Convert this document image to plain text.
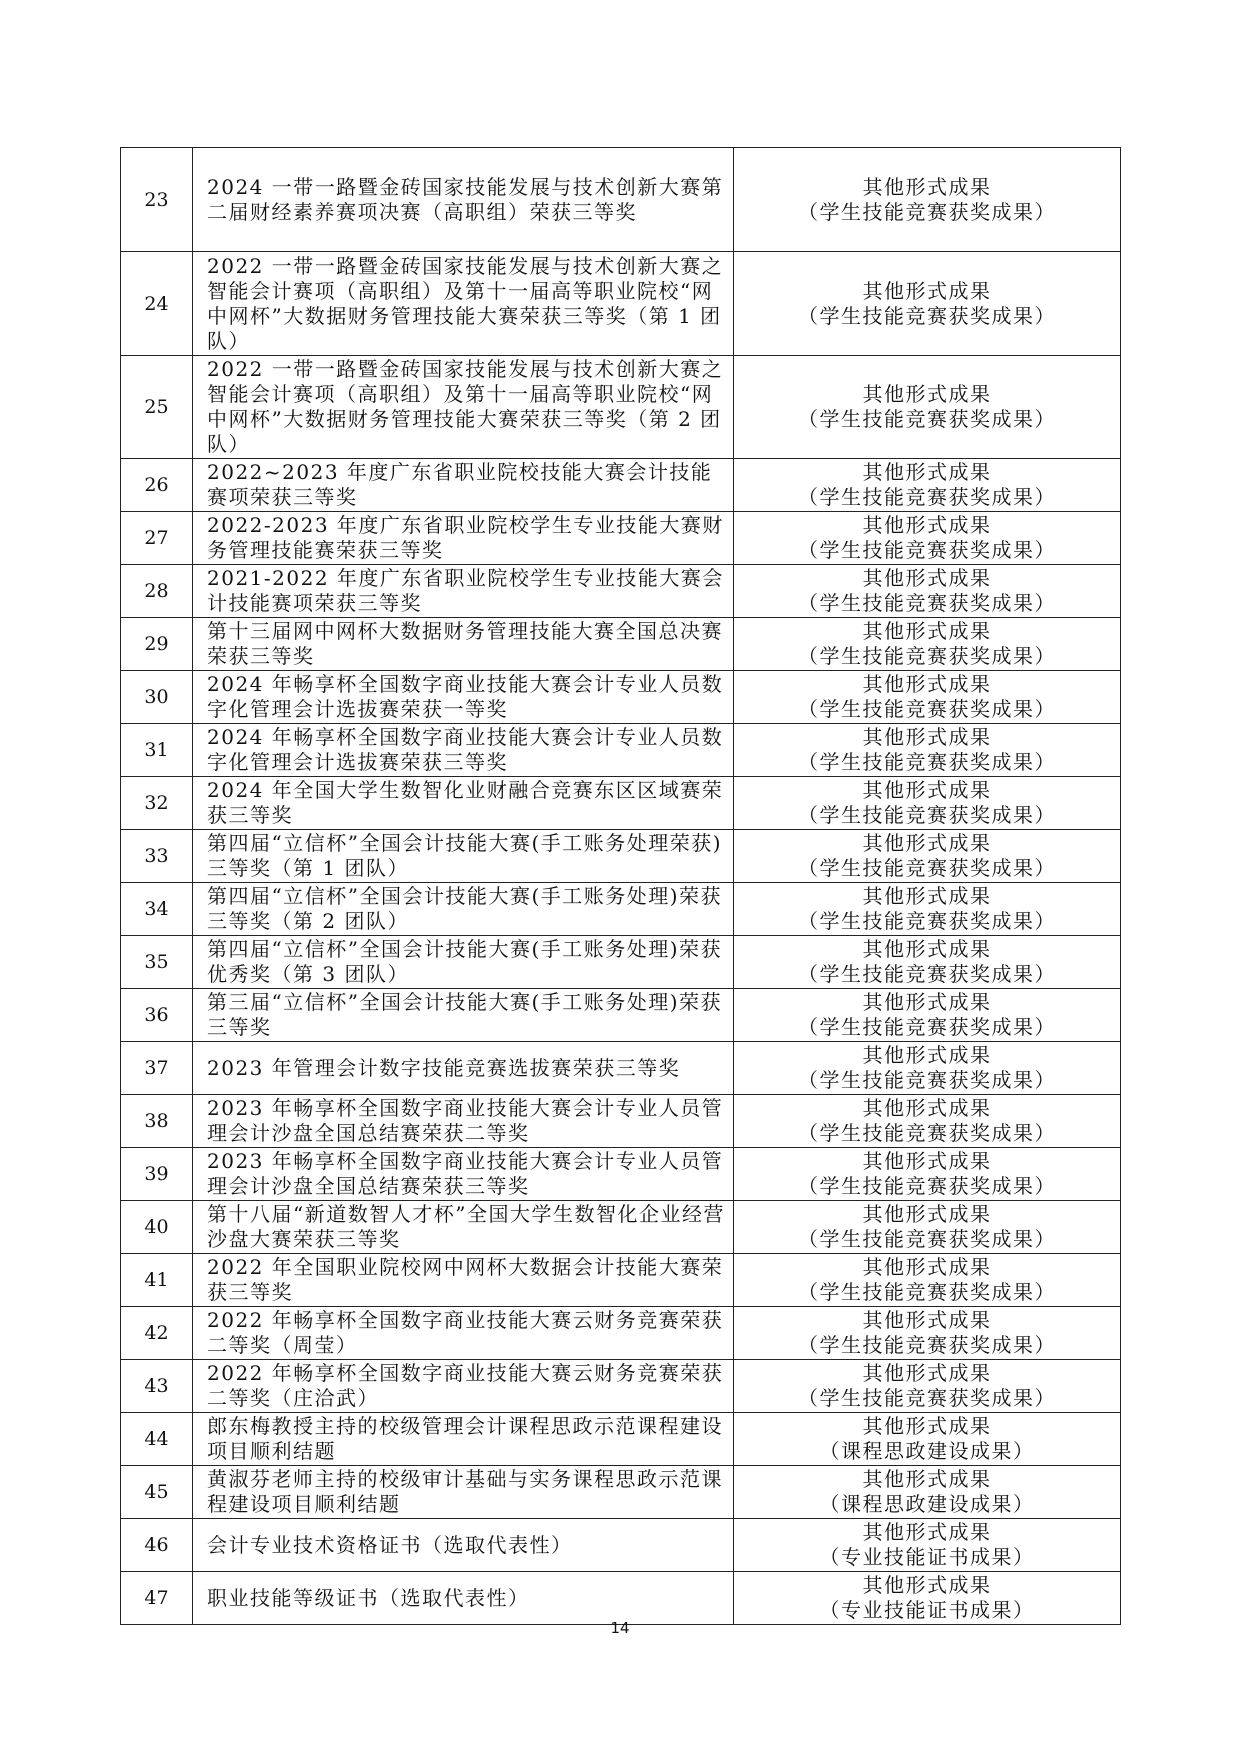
23	2024 一带一路暨金砖国家技能发展与技术创新大赛第二届财经素养赛项决赛（高职组）荣获三等奖	其他形式成果
（学生技能竞赛获奖成果）

24	2022 一带一路暨金砖国家技能发展与技术创新大赛之智能会计赛项（高职组）及第十一届高等职业院校“网中网杯”大数据财务管理技能大赛荣获三等奖（第 1 团队）	其他形式成果
（学生技能竞赛获奖成果）

25	2022 一带一路暨金砖国家技能发展与技术创新大赛之智能会计赛项（高职组）及第十一届高等职业院校“网中网杯”大数据财务管理技能大赛荣获三等奖（第 2 团队）	其他形式成果
（学生技能竞赛获奖成果）

26	2022~2023 年度广东省职业院校技能大赛会计技能赛项荣获三等奖	其他形式成果
（学生技能竞赛获奖成果）

27	2022-2023 年度广东省职业院校学生专业技能大赛财务管理技能赛荣获三等奖	其他形式成果
（学生技能竞赛获奖成果）

28	2021-2022 年度广东省职业院校学生专业技能大赛会计技能赛项荣获三等奖	其他形式成果
（学生技能竞赛获奖成果）

29	第十三届网中网杯大数据财务管理技能大赛全国总决赛荣获三等奖	其他形式成果
（学生技能竞赛获奖成果）

30	2024 年畅享杯全国数字商业技能大赛会计专业人员数字化管理会计选拔赛荣获一等奖	其他形式成果
（学生技能竞赛获奖成果）

31	2024 年畅享杯全国数字商业技能大赛会计专业人员数字化管理会计选拔赛荣获三等奖	其他形式成果
（学生技能竞赛获奖成果）

32	2024 年全国大学生数智化业财融合竞赛东区区域赛荣获三等奖	其他形式成果
（学生技能竞赛获奖成果）

33	第四届“立信杯”全国会计技能大赛(手工账务处理荣获)三等奖（第 1 团队）	其他形式成果
（学生技能竞赛获奖成果）

34	第四届“立信杯”全国会计技能大赛(手工账务处理)荣获三等奖（第 2 团队）	其他形式成果
（学生技能竞赛获奖成果）

35	第四届“立信杯”全国会计技能大赛(手工账务处理)荣获优秀奖（第 3 团队）	其他形式成果
（学生技能竞赛获奖成果）

36	第三届“立信杯”全国会计技能大赛(手工账务处理)荣获三等奖	其他形式成果
（学生技能竞赛获奖成果）

37	2023 年管理会计数字技能竞赛选拔赛荣获三等奖	其他形式成果
（学生技能竞赛获奖成果）

38	2023 年畅享杯全国数字商业技能大赛会计专业人员管理会计沙盘全国总结赛荣获二等奖	其他形式成果
（学生技能竞赛获奖成果）

39	2023 年畅享杯全国数字商业技能大赛会计专业人员管理会计沙盘全国总结赛荣获三等奖	其他形式成果
（学生技能竞赛获奖成果）

40	第十八届“新道数智人才杯”全国大学生数智化企业经营沙盘大赛荣获三等奖	其他形式成果
（学生技能竞赛获奖成果）

41	2022 年全国职业院校网中网杯大数据会计技能大赛荣获三等奖	其他形式成果
（学生技能竞赛获奖成果）

42	2022 年畅享杯全国数字商业技能大赛云财务竞赛荣获二等奖（周莹）	其他形式成果
（学生技能竞赛获奖成果）

43	2022 年畅享杯全国数字商业技能大赛云财务竞赛荣获二等奖（庄洽武）	其他形式成果
（学生技能竞赛获奖成果）

44	郎东梅教授主持的校级管理会计课程思政示范课程建设项目顺利结题	其他形式成果
（课程思政建设成果）

45	黄淑芬老师主持的校级审计基础与实务课程思政示范课程建设项目顺利结题	其他形式成果
（课程思政建设成果）

46	会计专业技术资格证书（选取代表性）	其他形式成果
（专业技能证书成果）

47	职业技能等级证书（选取代表性）	其他形式成果
（专业技能证书成果）
14
